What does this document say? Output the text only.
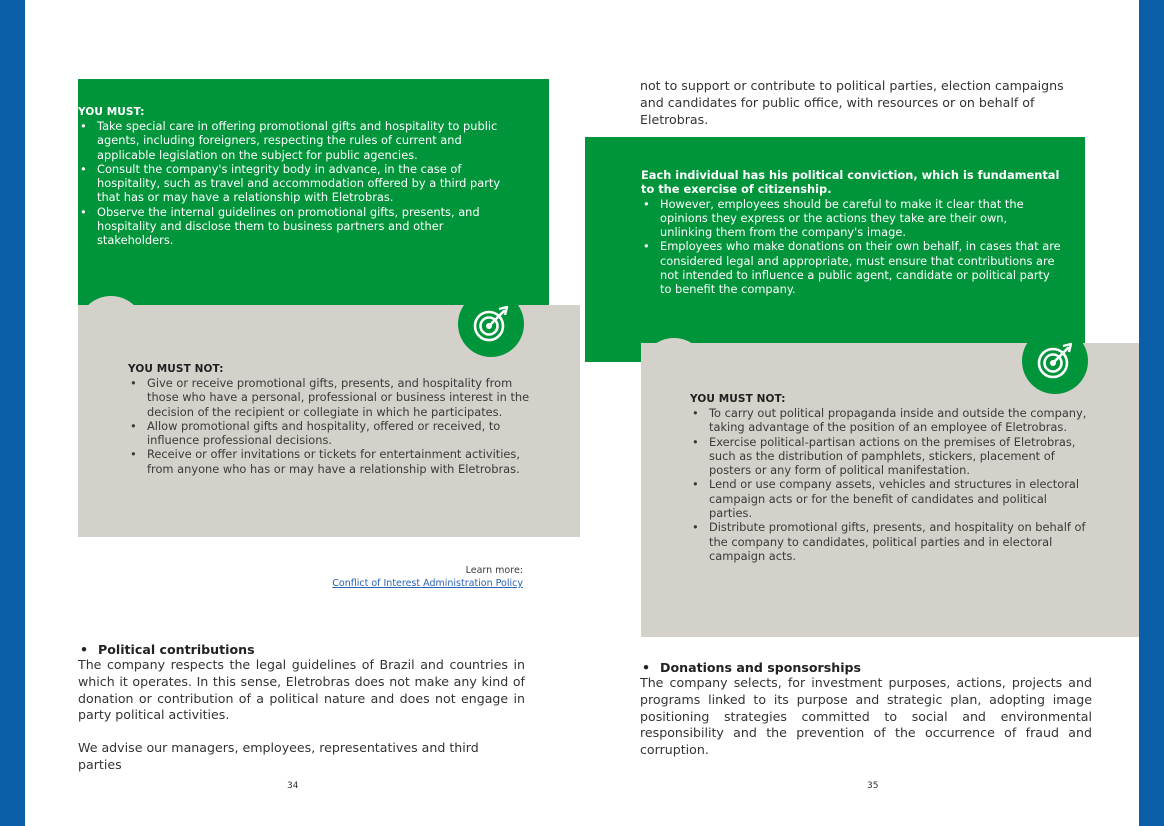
YOU MUST:
• Take special care in offering promotional gifts and hospitality to public agents, including foreigners, respecting the rules of current and applicable legislation on the subject for public agencies.
• Consult the company's integrity body in advance, in the case of hospitality, such as travel and accommodation offered by a third party that has or may have a relationship with Eletrobras.
• Observe the internal guidelines on promotional gifts, presents, and hospitality and disclose them to business partners and other stakeholders.
YOU MUST NOT:
• Give or receive promotional gifts, presents, and hospitality from those who have a personal, professional or business interest in the decision of the recipient or collegiate in which he participates.
• Allow promotional gifts and hospitality, offered or received, to influence professional decisions.
• Receive or offer invitations or tickets for entertainment activities, from anyone who has or may have a relationship with Eletrobras.
Learn more:
Conflict of Interest Administration Policy
• Political contributions

The company respects the legal guidelines of Brazil and countries in which it operates. In this sense, Eletrobras does not make any kind of donation or contribution of a political nature and does not engage in party political activities.

We advise our managers, employees, representatives and third parties

34

not to support or contribute to political parties, election campaigns and candidates for public office, with resources or on behalf of Eletrobras.

Each individual has his political conviction, which is fundamental to the exercise of citizenship.
• However, employees should be careful to make it clear that the opinions they express or the actions they take are their own, unlinking them from the company's image.
• Employees who make donations on their own behalf, in cases that are considered legal and appropriate, must ensure that contributions are not intended to influence a public agent, candidate or political party to benefit the company.
YOU MUST NOT:
• To carry out political propaganda inside and outside the company, taking advantage of the position of an employee of Eletrobras.
• Exercise political-partisan actions on the premises of Eletrobras, such as the distribution of pamphlets, stickers, placement of posters or any form of political manifestation.
• Lend or use company assets, vehicles and structures in electoral campaign acts or for the benefit of candidates and political parties.
• Distribute promotional gifts, presents, and hospitality on behalf of the company to candidates, political parties and in electoral campaign acts.
• Donations and sponsorships

The company selects, for investment purposes, actions, projects and programs linked to its purpose and strategic plan, adopting image positioning strategies committed to social and environmental responsibility and the prevention of the occurrence of fraud and corruption.

35
